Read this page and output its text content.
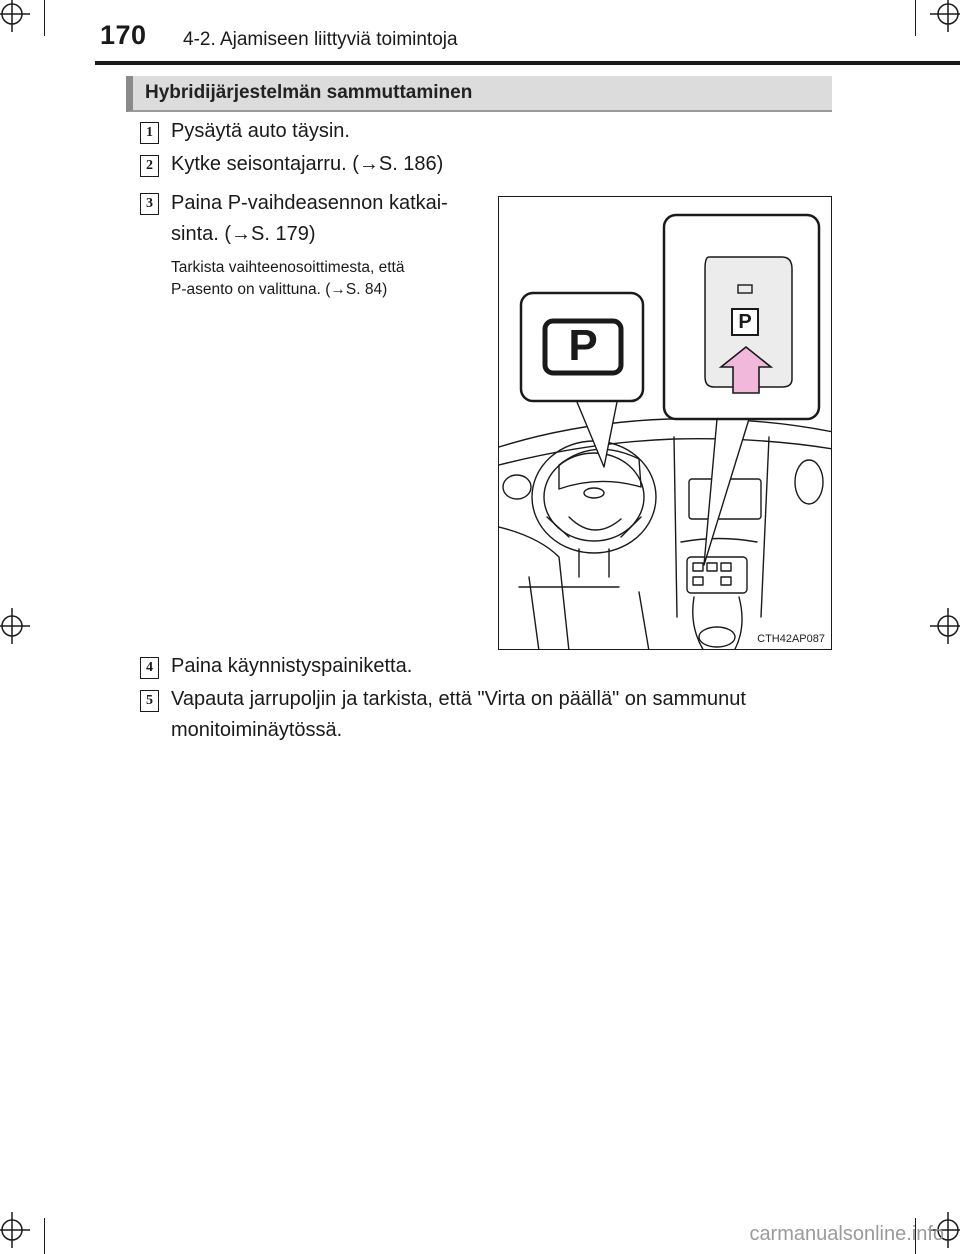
170 4-2. Ajamiseen liittyviä toimintoja
Hybridijärjestelmän sammuttaminen
1 Pysäytä auto täysin.
2 Kytke seisontajarru. (→S. 186)
3 Paina P-vaihdeasennon katkai-
sinta. (→S. 179)
Tarkista vaihteenosoittimesta, että
P-asento on valittuna. (→S. 84)
P	P
CTH42AP087
4 Paina käynnistyspainiketta.
5 Vapauta jarrupoljin ja tarkista, että "Virta on päällä" on sammunut
monitoiminäytössä.
carmanualsonline.info
